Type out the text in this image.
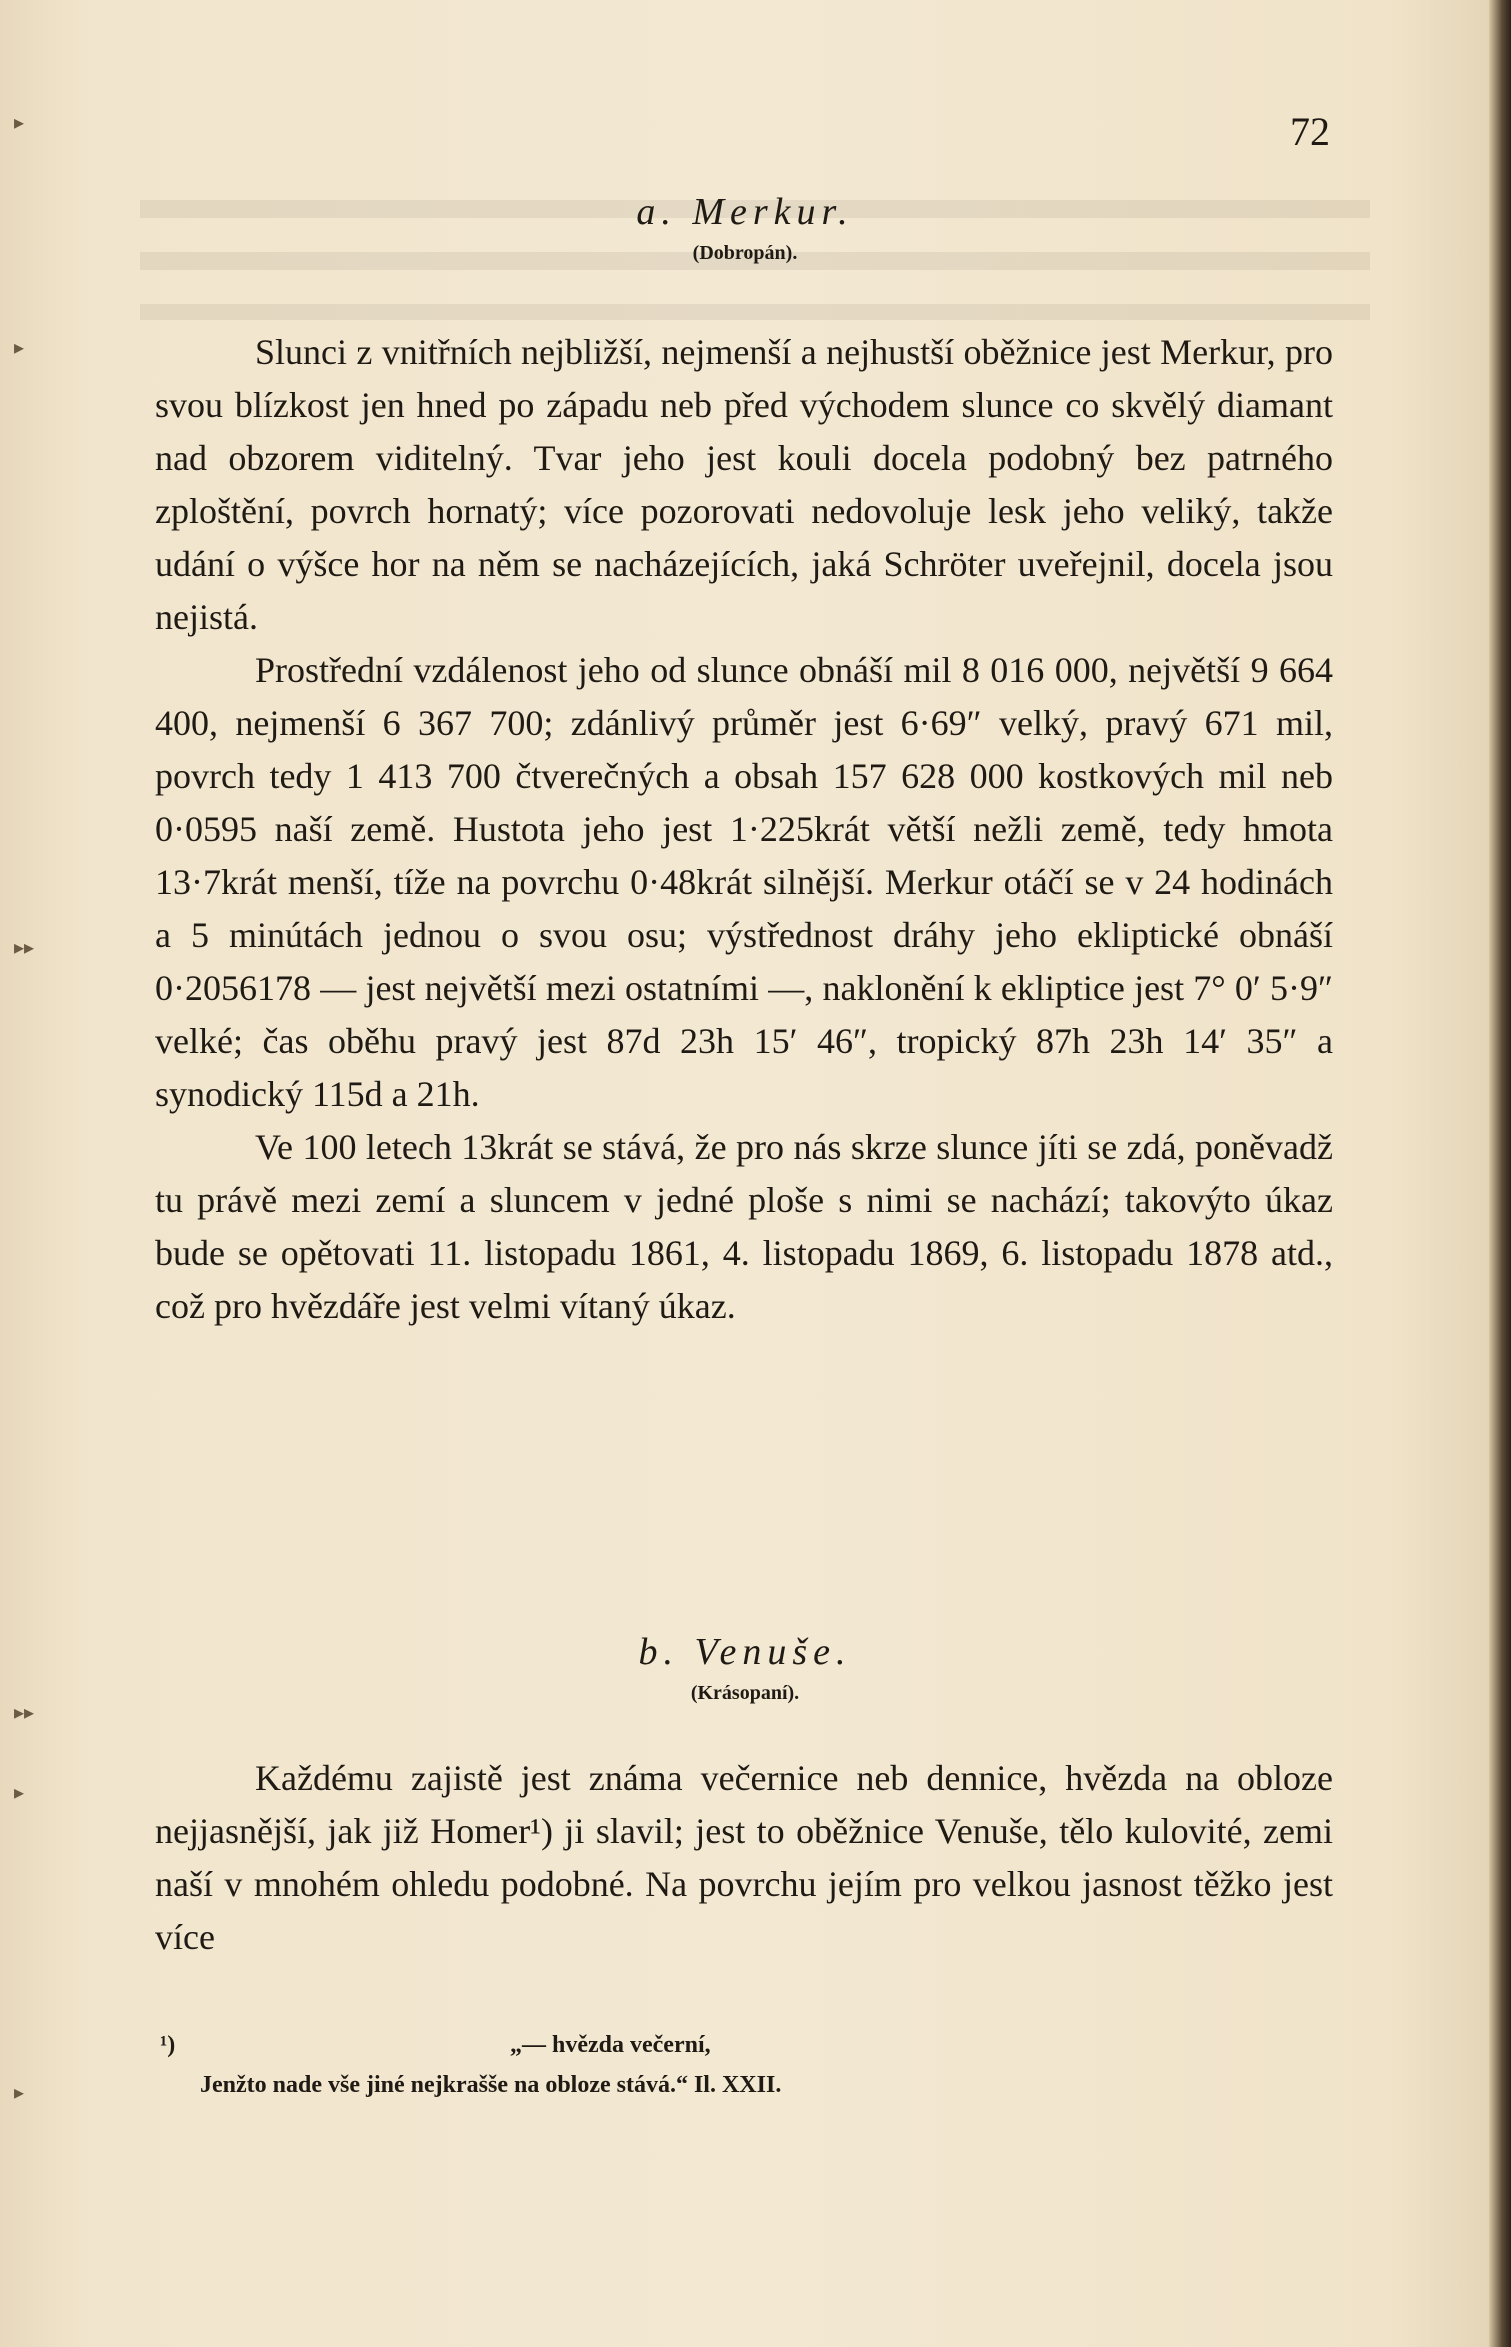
▸
▸
▸▸
▸▸
▸
▸
72
a. Merkur.
(Dobropán).

Slunci z vnitřních nejbližší, nejmenší a nejhustší oběžnice jest Merkur, pro svou blízkost jen hned po západu neb před východem slunce co skvělý diamant nad obzorem viditelný. Tvar jeho jest kouli docela podobný bez patrného zploštění, povrch hornatý; více pozorovati nedovoluje lesk jeho veliký, takže udání o výšce hor na něm se nacházejících, jaká Schröter uveřejnil, docela jsou nejistá.

Prostřední vzdálenost jeho od slunce obnáší mil 8 016 000, největší 9 664 400, nejmenší 6 367 700; zdánlivý průměr jest 6·69″ velký, pravý 671 mil, povrch tedy 1 413 700 čtverečných a obsah 157 628 000 kostkových mil neb 0·0595 naší země. Hustota jeho jest 1·225krát větší nežli země, tedy hmota 13·7krát menší, tíže na povrchu 0·48krát silnější. Merkur otáčí se v 24 hodinách a 5 minútách jednou o svou osu; výstřednost dráhy jeho ekliptické obnáší 0·2056178 — jest největší mezi ostatními —, naklonění k ekliptice jest 7° 0′ 5·9″ velké; čas oběhu pravý jest 87d 23h 15′ 46″, tropický 87h 23h 14′ 35″ a synodický 115d a 21h.

Ve 100 letech 13krát se stává, že pro nás skrze slunce jíti se zdá, poněvadž tu právě mezi zemí a sluncem v jedné ploše s nimi se nachází; takovýto úkaz bude se opětovati 11. listopadu 1861, 4. listopadu 1869, 6. listopadu 1878 atd., což pro hvězdáře jest velmi vítaný úkaz.

b. Venuše.
(Krásopaní).

Každému zajistě jest známa večernice neb dennice, hvězda na obloze nejjasnější, jak již Homer¹) ji slavil; jest to oběžnice Venuše, tělo kulovité, zemi naší v mnohém ohledu podobné. Na povrchu jejím pro velkou jasnost těžko jest více

¹)	„— hvězda večerní,
Jenžto nade vše jiné nejkrašše na obloze stává.“ Il. XXII.
